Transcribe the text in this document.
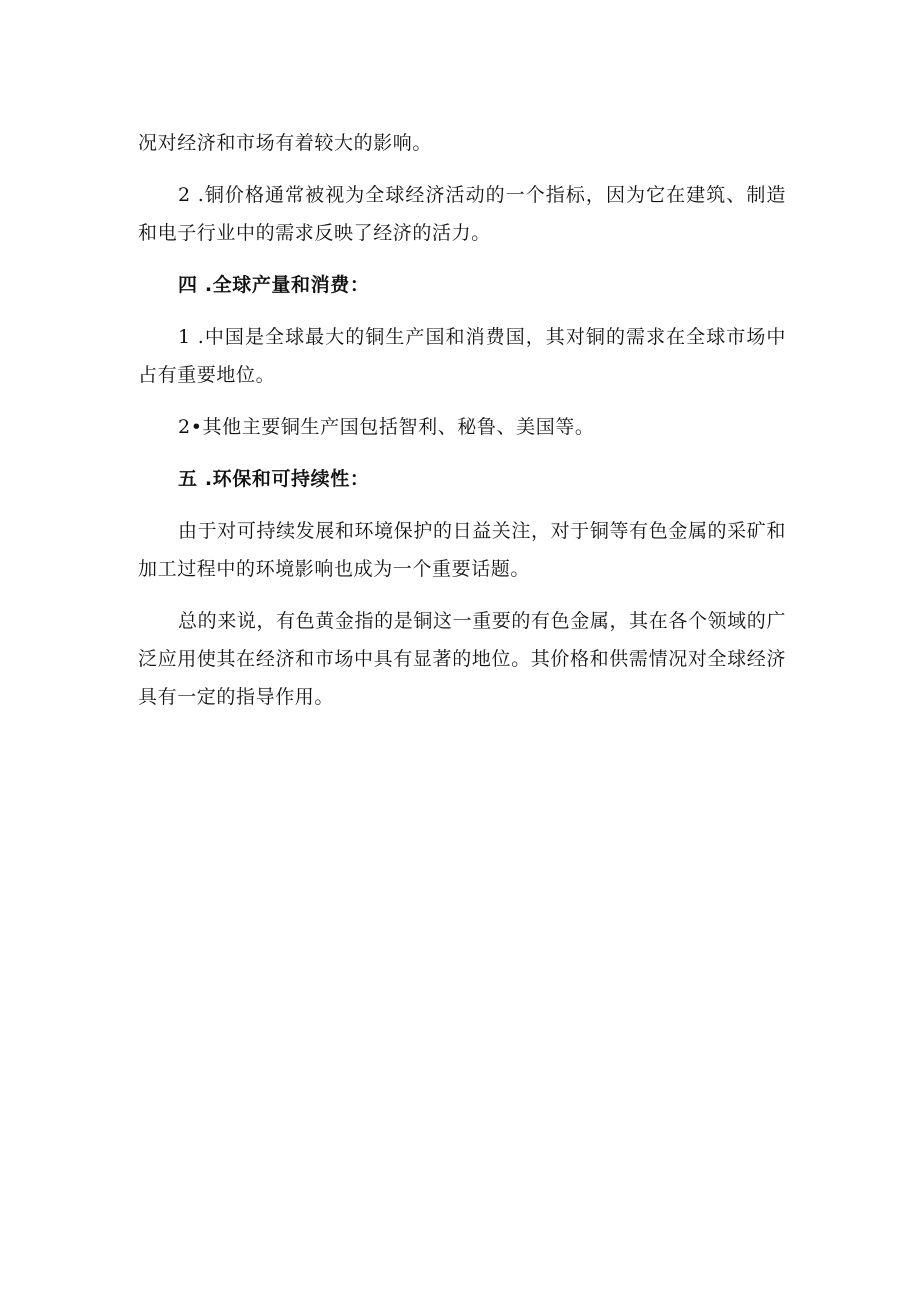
况对经济和市场有着较大的影响。

2 .铜价格通常被视为全球经济活动的一个指标，因为它在建筑、制造和电子行业中的需求反映了经济的活力。

四 .全球产量和消费：

1 .中国是全球最大的铜生产国和消费国，其对铜的需求在全球市场中占有重要地位。

2•其他主要铜生产国包括智利、秘鲁、美国等。

五 .环保和可持续性：

由于对可持续发展和环境保护的日益关注，对于铜等有色金属的采矿和加工过程中的环境影响也成为一个重要话题。

总的来说，有色黄金指的是铜这一重要的有色金属，其在各个领域的广泛应用使其在经济和市场中具有显著的地位。其价格和供需情况对全球经济具有一定的指导作用。
